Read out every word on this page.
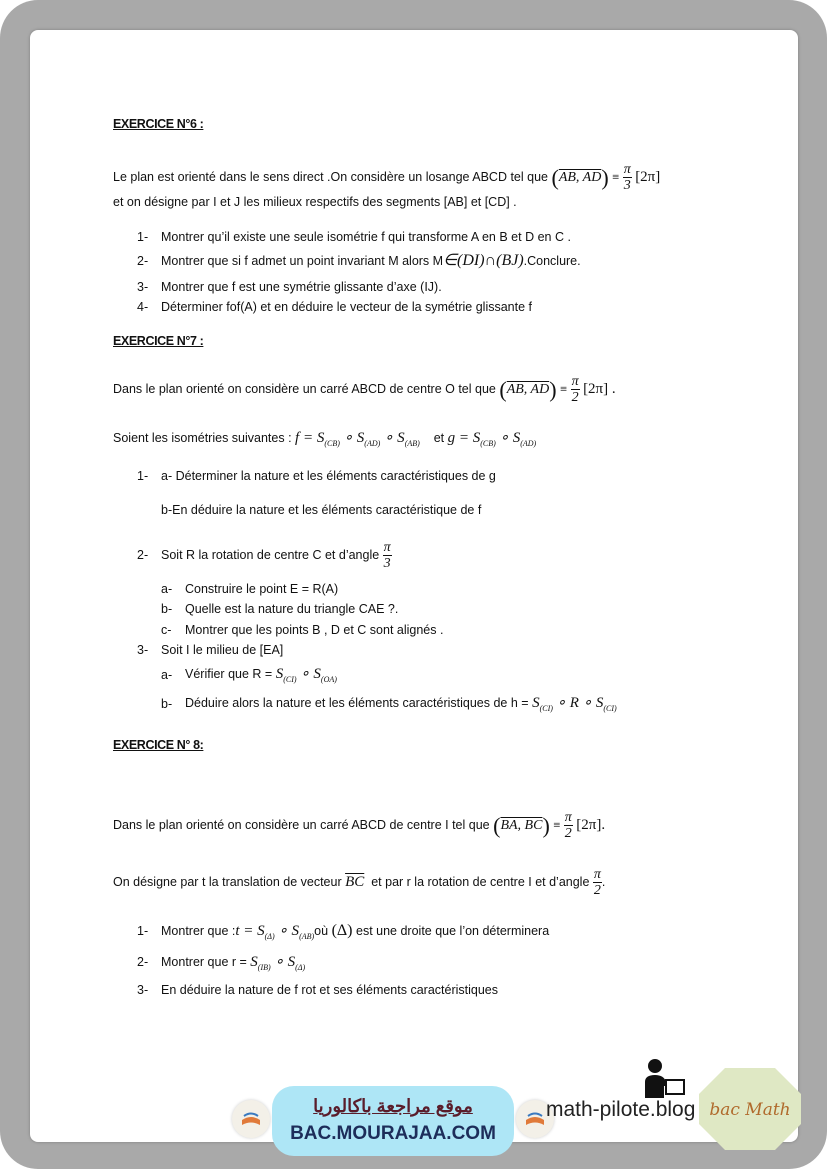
EXERCICE N°6 :
Le plan est orienté dans le sens direct .On considère un losange ABCD tel que (AB, $AD) \equiv \frac{\pi}{3} [2\pi]$
et on désigne par I et J les milieux respectifs des segments [AB] et [CD] .
1- Montrer qu’il existe une seule isométrie f qui transforme A en B et D en C .
2- Montrer que si f admet un point invariant M alors M∈(DI)∩(BJ).Conclure.
3- Montrer que f est une symétrie glissante d’axe (IJ).
4- Déterminer fof(A) et en déduire le vecteur de la symétrie glissante f
EXERCICE N°7 :
Dans le plan orienté on considère un carré ABCD de centre O tel que (AB, $AD) \equiv \frac{\pi}{2} [2\pi]$ .
Soient les isométries suivantes : $f = S_{(CB)}$ ∘ $S_{(AD)}$ ∘ $S_{(AB)}$ et $g = S_{(CB)}$ ∘ $S_{(AD)}$
1- a- Déterminer la nature et les éléments caractéristiques de g
b-En déduire la nature et les éléments caractéristique de f
2- Soit R la rotation de centre C et d’angle $\frac{\pi}{3}$
a- Construire le point E = R(A)
b- Quelle est la nature du triangle CAE ?.
c- Montrer que les points B , D et C sont alignés .
3- Soit I le milieu de [EA]
a- Vérifier que $R = S_{(CI)}$ ∘ $S_{(OA)}$
b- Déduire alors la nature et les éléments caractéristiques de $h = S_{(CI)}$ ∘ R ∘ $S_{(CI)}$
EXERCICE N° 8:
Dans le plan orienté on considère un carré ABCD de centre I tel que (BA, $BC) \equiv \frac{\pi}{2} [2\pi]$.
On désigne par t la translation de vecteur $\overline{BC}$ et par r la rotation de centre I et d’angle $\frac{\pi}{2}$ .
1- Montrer que :t = $S_{(\Delta)}$ ∘ $S_{(AB)}où$ (Δ) est une droite que l’on déterminera
2- Montrer que $r = S_{(IB)}$ ∘ $S_{(\Delta)}$
3- En déduire la nature de f rot et ses éléments caractéristiques
موقع مراجعة باكالوريا
BAC.MOURAJAA.COM
math-pilote.blog bac Math
